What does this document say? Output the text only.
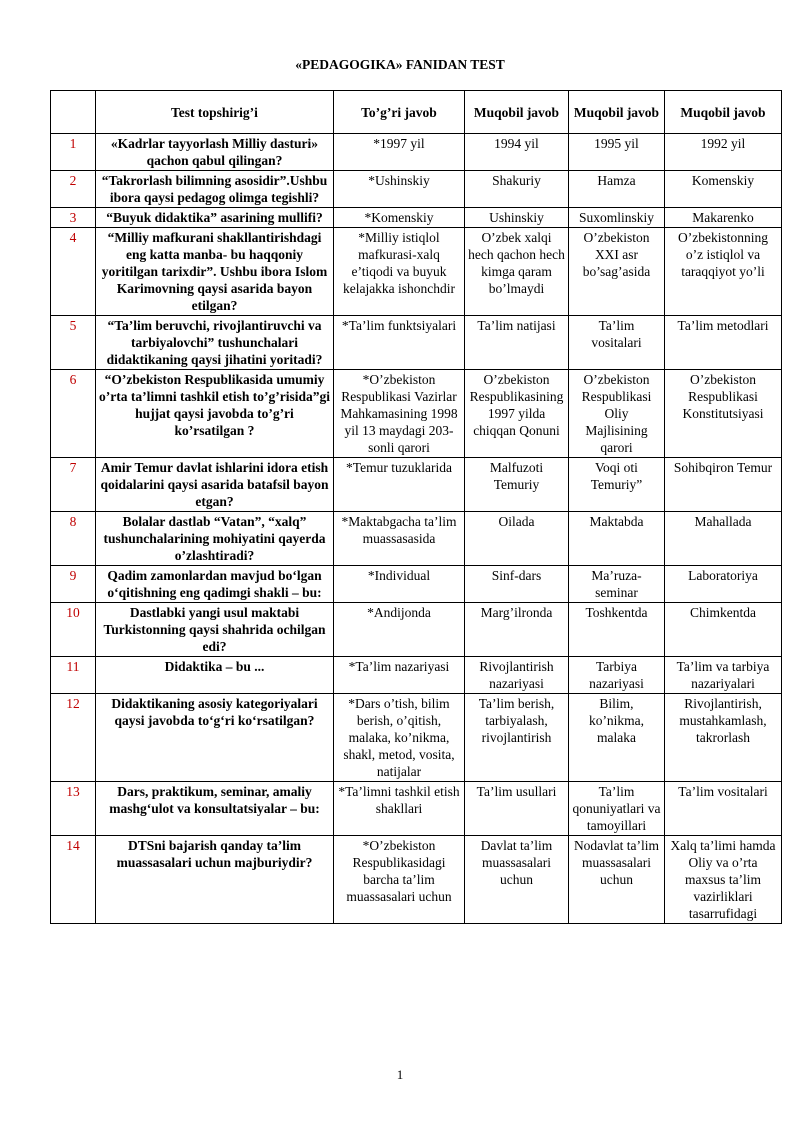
«PEDAGOGIKA» FANIDAN TEST
	Test topshirig’i	To’g’ri javob	Muqobil javob	Muqobil javob	Muqobil javob
1	«Kadrlar tayyorlash Milliy dasturi» qachon qabul qilingan?	*1997 yil	1994 yil	1995 yil	1992 yil
2	“Takrorlash bilimning asosidir”.Ushbu ibora qaysi pedagog olimga tegishli?	*Ushinskiy	Shakuriy	Hamza	Komenskiy
3	“Buyuk didaktika” asarining mullifi?	*Komenskiy	Ushinskiy	Suxomlinskiy	Makarenko
4	“Milliy mafkurani shakllantirishdagi eng katta manba- bu haqqoniy yoritilgan tarixdir”. Ushbu ibora Islom Karimovning qaysi asarida bayon etilgan?	*Milliy istiqlol mafkurasi-xalq e’tiqodi va buyuk kelajakka ishonchdir	O’zbek xalqi hech qachon hech kimga qaram bo’lmaydi	O’zbekiston XXI asr bo’sag’asida	O’zbekistonning o’z istiqlol va taraqqiyot yo’li
5	“Ta’lim beruvchi, rivojlantiruvchi va tarbiyalovchi” tushunchalari didaktikaning qaysi jihatini yoritadi?	*Ta’lim funktsiyalari	Ta’lim natijasi	Ta’lim vositalari	Ta’lim metodlari
6	“O’zbekiston Respublikasida umumiy o’rta ta’limni tashkil etish to’g’risida”gi hujjat qaysi javobda to’g’ri ko’rsatilgan ?	*O’zbekiston Respublikasi Vazirlar Mahkamasining 1998 yil 13 maydagi 203-sonli qarori	O’zbekiston Respublikasining 1997 yilda chiqqan Qonuni	O’zbekiston Respublikasi Oliy Majlisining qarori	O’zbekiston Respublikasi Konstitutsiyasi
7	Amir Temur davlat ishlarini idora etish qoidalarini qaysi asarida batafsil bayon etgan?	*Temur tuzuklarida	Malfuzoti Temuriy	Voqi oti Temuriy”	Sohibqiron Temur
8	Bolalar dastlab “Vatan”, “xalq” tushunchalarining mohiyatini qayerda o’zlashtiradi?	*Maktabgacha ta’lim muassasasida	Oilada	Maktabda	Mahallada
9	Qadim zamonlardan mavjud boʻlgan oʻqitishning eng qadimgi shakli – bu:	*Individual	Sinf-dars	Ma’ruza-seminar	Laboratoriya
10	Dastlabki yangi usul maktabi Turkistonning qaysi shahrida ochilgan edi?	*Andijonda	Marg’ilronda	Toshkentda	Chimkentda
11	Didaktika – bu ...	*Ta’lim nazariyasi	Rivojlantirish nazariyasi	Tarbiya nazariyasi	Ta’lim va tarbiya nazariyalari
12	Didaktikaning asosiy kategoriyalari qaysi javobda toʻgʻri koʻrsatilgan?	*Dars o’tish, bilim berish, o’qitish, malaka, ko’nikma, shakl, metod, vosita, natijalar	Ta’lim berish, tarbiyalash, rivojlantirish	Bilim, ko’nikma, malaka	Rivojlantirish, mustahkamlash, takrorlash
13	Dars, praktikum, seminar, amaliy mashgʻulot va konsultatsiyalar – bu:	*Ta’limni tashkil etish shakllari	Ta’lim usullari	Ta’lim qonuniyatlari va tamoyillari	Ta’lim vositalari
14	DTSni bajarish qanday ta’lim muassasalari uchun majburiydir?	*O’zbekiston Respublikasidagi barcha ta’lim muassasalari uchun	Davlat ta’lim muassasalari uchun	Nodavlat ta’lim muassasalari uchun	Xalq ta’limi hamda Oliy va o’rta maxsus ta’lim vazirliklari tasarrufidagi
1
